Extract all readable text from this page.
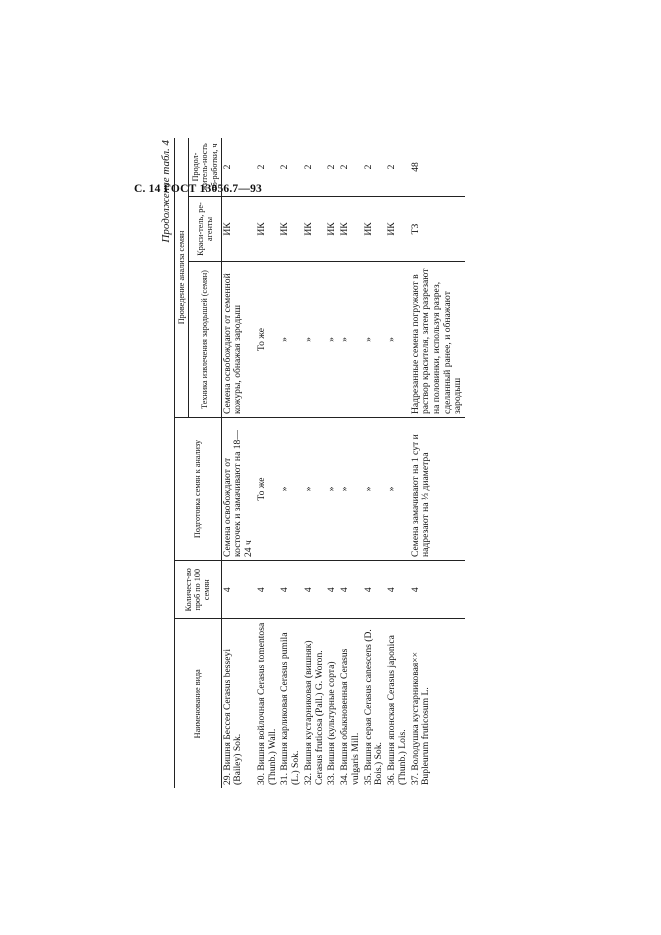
С. 14 ГОСТ 13056.7—93
Продолжение табл. 4
Наименование вида	Количест-во проб по 100 семян	Подготовка семян к анализу	Проведение анализа семян		
			Техника извлечения зародышей (семян)	Краси-тель, ре-агенты	Продол-житель-ность об-работки, ч
29. Вишня Бессея Cerasus besseyi (Bailey) Sok.	4	Семена освобождают от косточек и замачивают на 18—24 ч	Семена освобождают от семенной кожуры, обнажая зародыш	ИК	2
30. Вишня войлочная Cerasus tomentosa (Thunb.) Wall.	4	То же	То же	ИК	2
31. Вишня карликовая Cerasus pumila (L.) Sok.	4	»	»	ИК	2
32. Вишня кустарниковая (вишняк) Cerasus fruticosa (Pall.) G. Woron.	4	»	»	ИК	2
33. Вишня (культурные сорта)	4	»	»	ИК	2
34. Вишня обыкновенная Cerasus vulgaris Mill.	4	»	»	ИК	2
35. Вишня серая Cerasus canescens (D. Bois.) Sok.	4	»	»	ИК	2
36. Вишня японская Cerasus japonica (Thunb.) Lois.	4	»	»	ИК	2
37. Володушка кустарниковая×× Bupleurum fruticosum L.	4	Семена замачивают на 1 сут и надрезают на ⅓ диаметра	Надрезанные семена погружают в раствор красителя, затем разрезают на половинки, используя разрез, сделанный ранее, и обнажают зародыш	ТЗ	48
